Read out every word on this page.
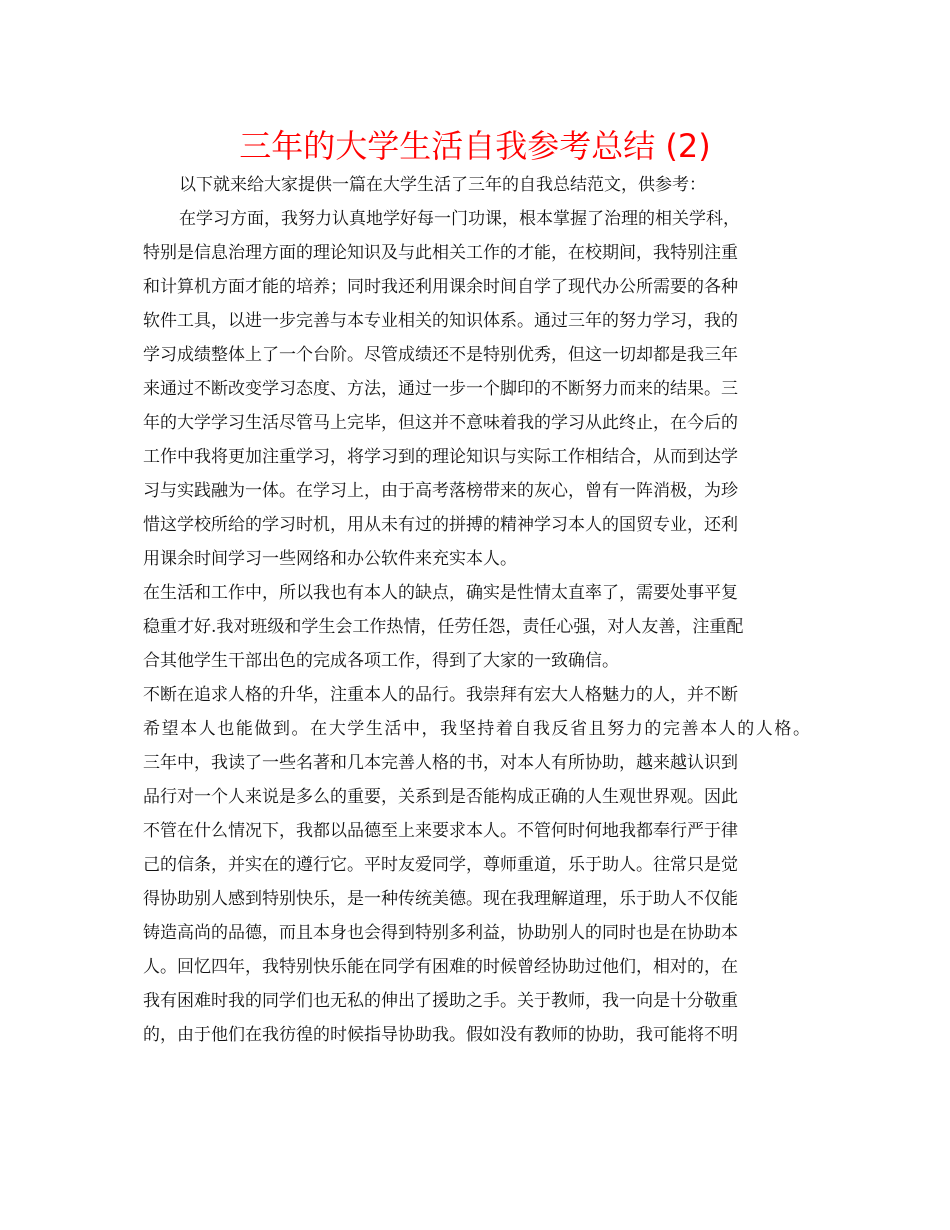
三年的大学生活自我参考总结 (2)
以下就来给大家提供一篇在大学生活了三年的自我总结范文，供参考：
在学习方面，我努力认真地学好每一门功课，根本掌握了治理的相关学科，
特别是信息治理方面的理论知识及与此相关工作的才能，在校期间，我特别注重
和计算机方面才能的培养；同时我还利用课余时间自学了现代办公所需要的各种
软件工具，以进一步完善与本专业相关的知识体系。通过三年的努力学习，我的
学习成绩整体上了一个台阶。尽管成绩还不是特别优秀，但这一切却都是我三年
来通过不断改变学习态度、方法，通过一步一个脚印的不断努力而来的结果。三
年的大学学习生活尽管马上完毕，但这并不意味着我的学习从此终止，在今后的
工作中我将更加注重学习，将学习到的理论知识与实际工作相结合，从而到达学
习与实践融为一体。在学习上，由于高考落榜带来的灰心，曾有一阵消极，为珍
惜这学校所给的学习时机，用从未有过的拼搏的精神学习本人的国贸专业，还利
用课余时间学习一些网络和办公软件来充实本人。
在生活和工作中，所以我也有本人的缺点，确实是性情太直率了，需要处事平复
稳重才好.我对班级和学生会工作热情，任劳任怨，责任心强，对人友善，注重配
合其他学生干部出色的完成各项工作，得到了大家的一致确信。
不断在追求人格的升华，注重本人的品行。我崇拜有宏大人格魅力的人，并不断
希望本人也能做到。在大学生活中，我坚持着自我反省且努力的完善本人的人格。
三年中，我读了一些名著和几本完善人格的书，对本人有所协助，越来越认识到
品行对一个人来说是多么的重要，关系到是否能构成正确的人生观世界观。因此
不管在什么情况下，我都以品德至上来要求本人。不管何时何地我都奉行严于律
己的信条，并实在的遵行它。平时友爱同学，尊师重道，乐于助人。往常只是觉
得协助别人感到特别快乐，是一种传统美德。现在我理解道理，乐于助人不仅能
铸造高尚的品德，而且本身也会得到特别多利益，协助别人的同时也是在协助本
人。回忆四年，我特别快乐能在同学有困难的时候曾经协助过他们，相对的，在
我有困难时我的同学们也无私的伸出了援助之手。关于教师，我一向是十分敬重
的，由于他们在我彷徨的时候指导协助我。假如没有教师的协助，我可能将不明
